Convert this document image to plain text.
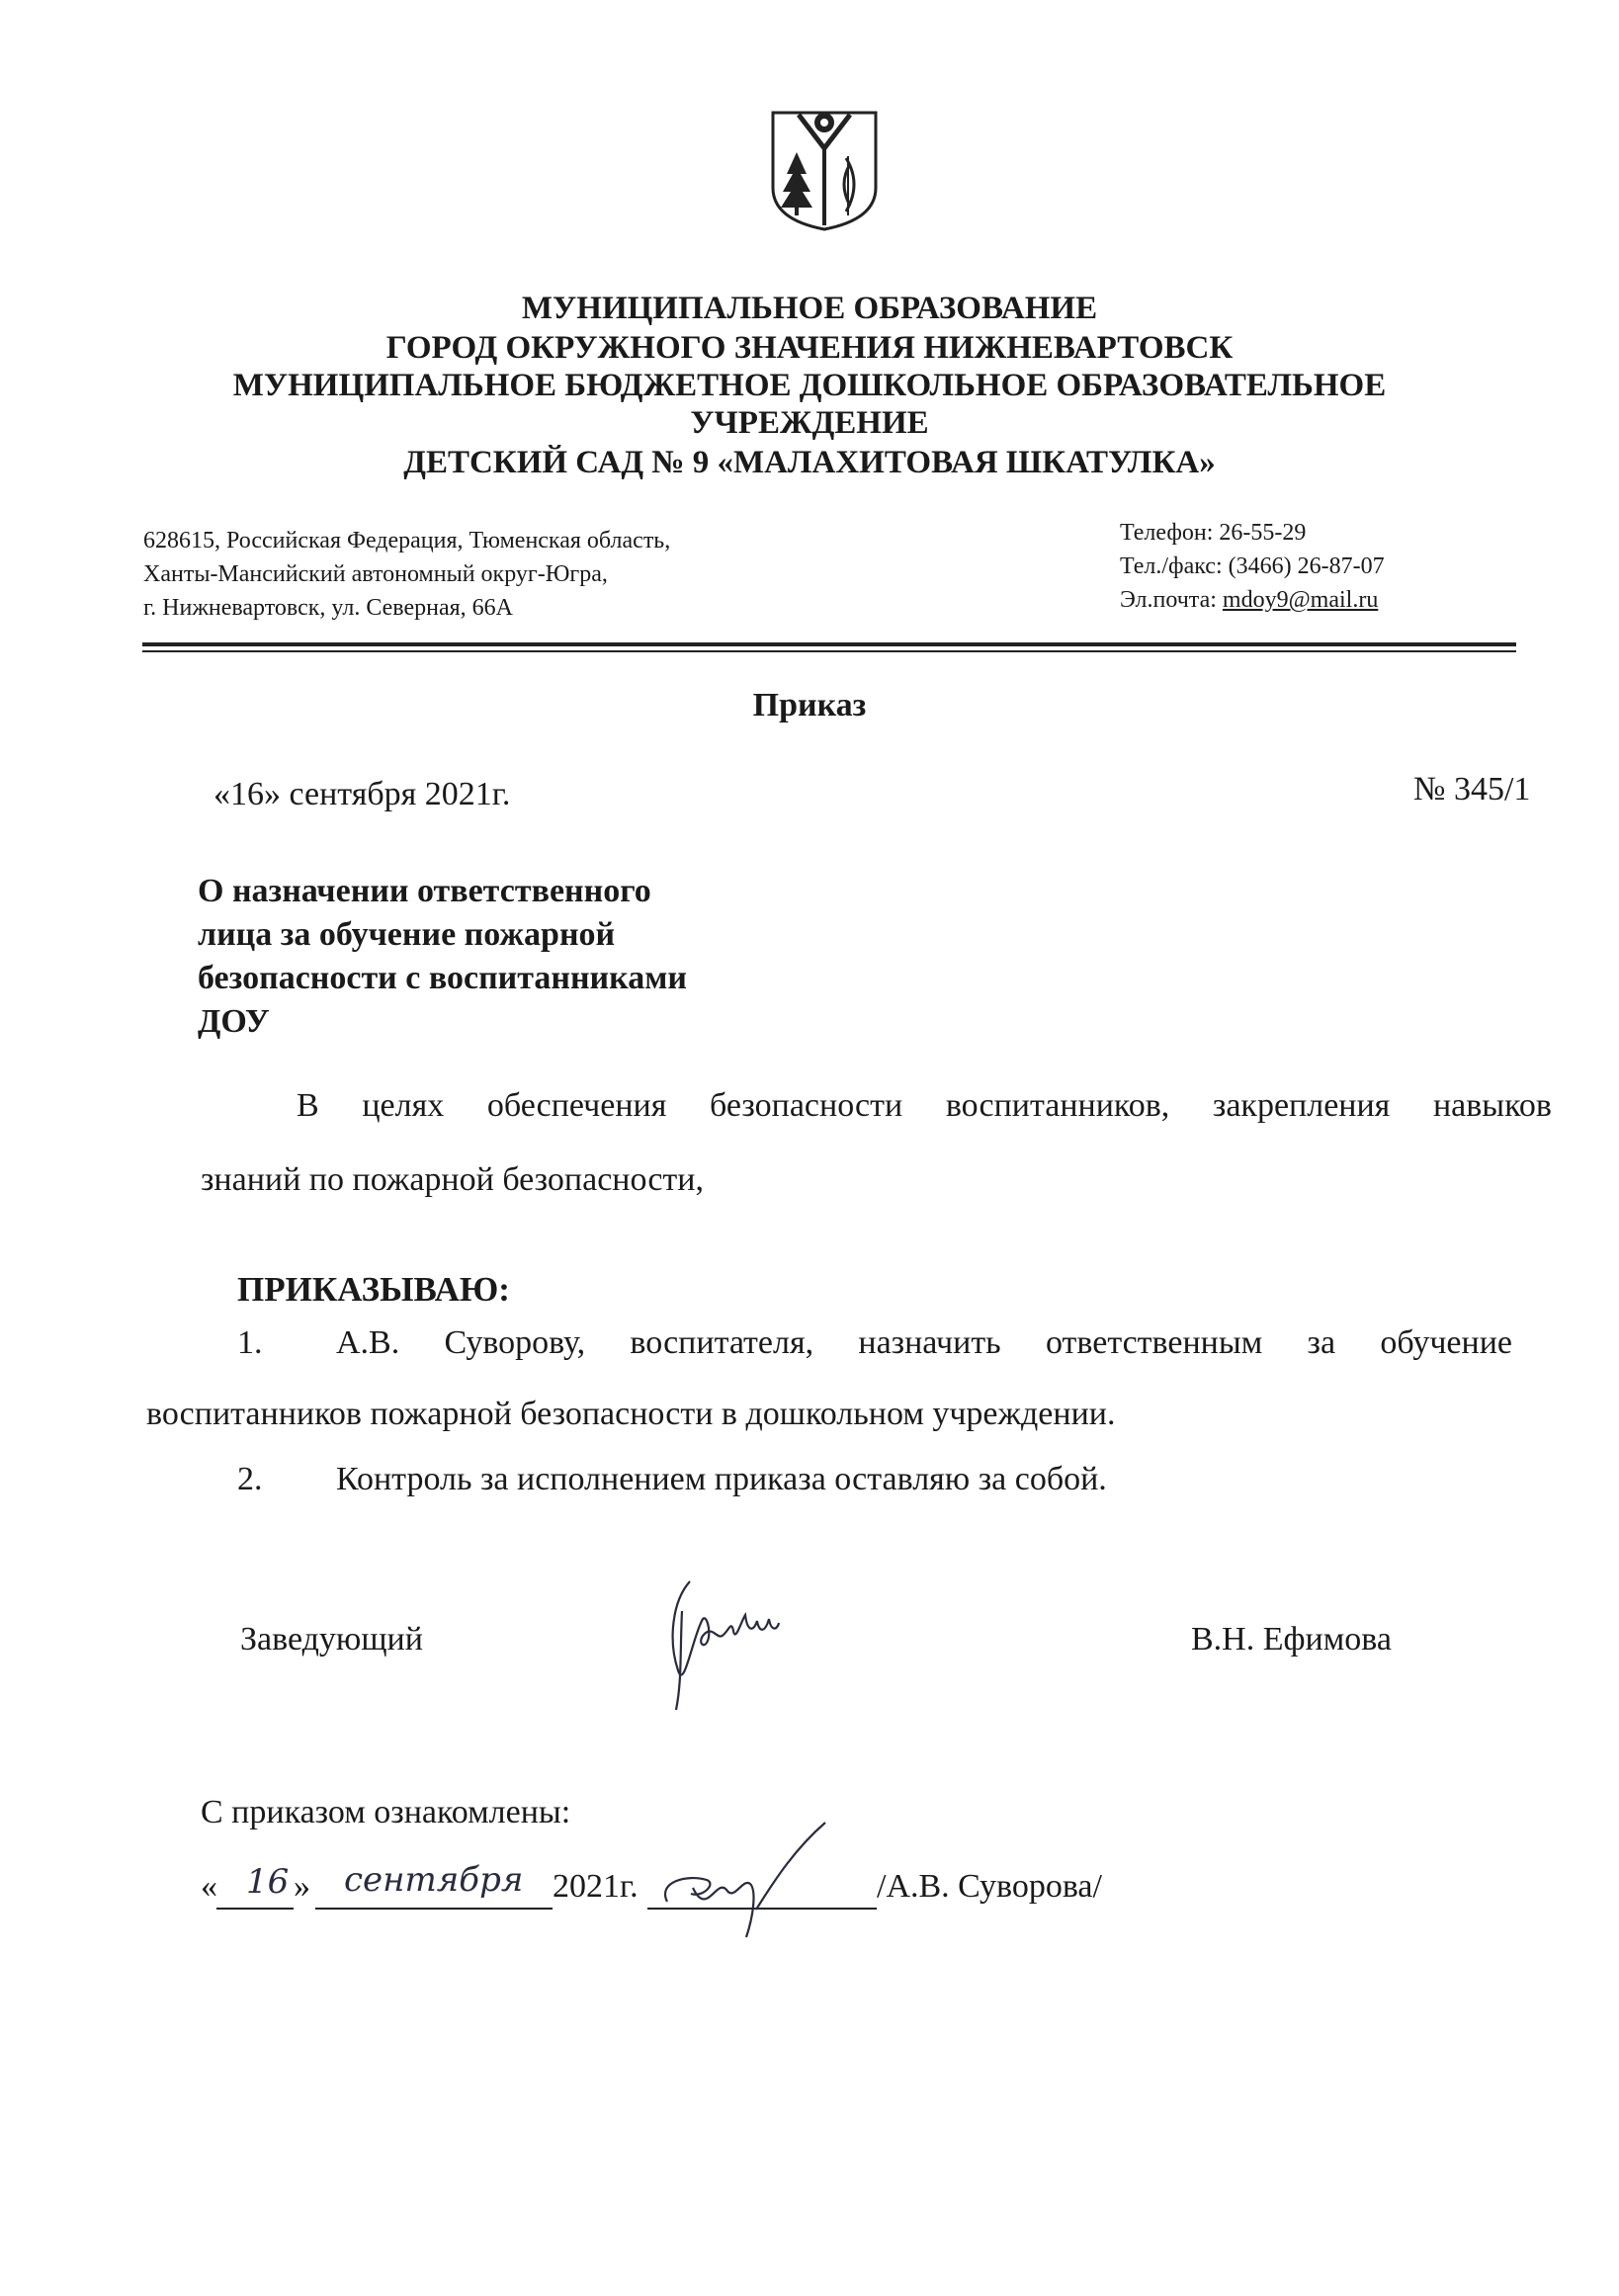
МУНИЦИПАЛЬНОЕ ОБРАЗОВАНИЕ
ГОРОД ОКРУЖНОГО ЗНАЧЕНИЯ НИЖНЕВАРТОВСК
МУНИЦИПАЛЬНОЕ БЮДЖЕТНОЕ ДОШКОЛЬНОЕ ОБРАЗОВАТЕЛЬНОЕ
УЧРЕЖДЕНИЕ
ДЕТСКИЙ САД № 9 «МАЛАХИТОВАЯ ШКАТУЛКА»
628615, Российская Федерация, Тюменская область,
Ханты-Мансийский автономный округ-Югра,
г. Нижневартовск, ул. Северная, 66А
Телефон: 26-55-29
Тел./факс: (3466) 26-87-07
Эл.почта: mdoy9@mail.ru
Приказ
«16» сентября 2021г.	№ 345/1
О назначении ответственного
лица за обучение пожарной
безопасности с воспитанниками
ДОУ
В целях обеспечения безопасности воспитанников, закрепления навыков
знаний по пожарной безопасности,
ПРИКАЗЫВАЮ:
1. А.В. Суворову, воспитателя, назначить ответственным за обучение
воспитанников пожарной безопасности в дошкольном учреждении.
2. Контроль за исполнением приказа оставляю за собой.
Заведующий	В.Н. Ефимова
С приказом ознакомлены:
« 16 » сентября 2021г.	/А.В. Суворова/
